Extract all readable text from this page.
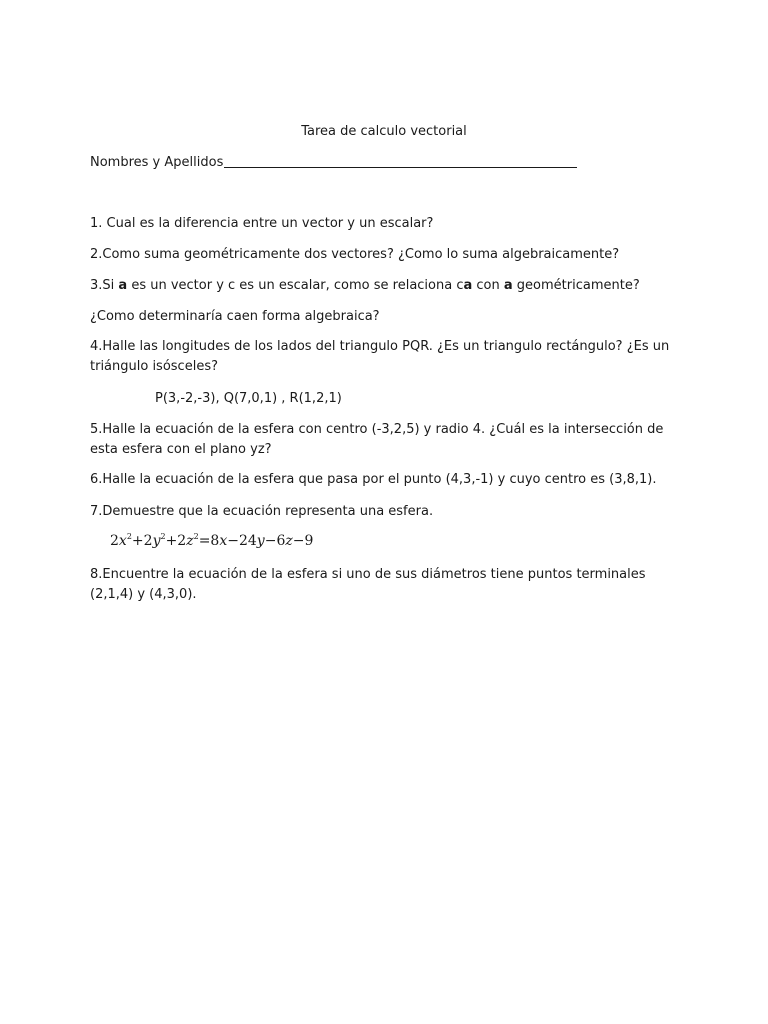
Tarea de calculo vectorial
Nombres y Apellidos
1. Cual es la diferencia entre un vector y un escalar?
2.Como suma geométricamente dos vectores? ¿Como lo suma algebraicamente?
3.Si a es un vector y c es un escalar, como se relaciona ca con a geométricamente?
¿Como determinaría caen forma algebraica?
4.Halle las longitudes de los lados del triangulo PQR. ¿Es un triangulo rectángulo? ¿Es un triángulo isósceles?
P(3,-2,-3), Q(7,0,1) , R(1,2,1)
5.Halle la ecuación de la esfera con centro (-3,2,5) y radio 4. ¿Cuál es la intersección de esta esfera con el plano yz?
6.Halle la ecuación de la esfera que pasa por el punto (4,3,-1) y cuyo centro es (3,8,1).
7.Demuestre que la ecuación representa una esfera.
$2x^2+2y^2+2z^2=8x-24y-6z-9$
8.Encuentre la ecuación de la esfera si uno de sus diámetros tiene puntos terminales (2,1,4) y (4,3,0).
